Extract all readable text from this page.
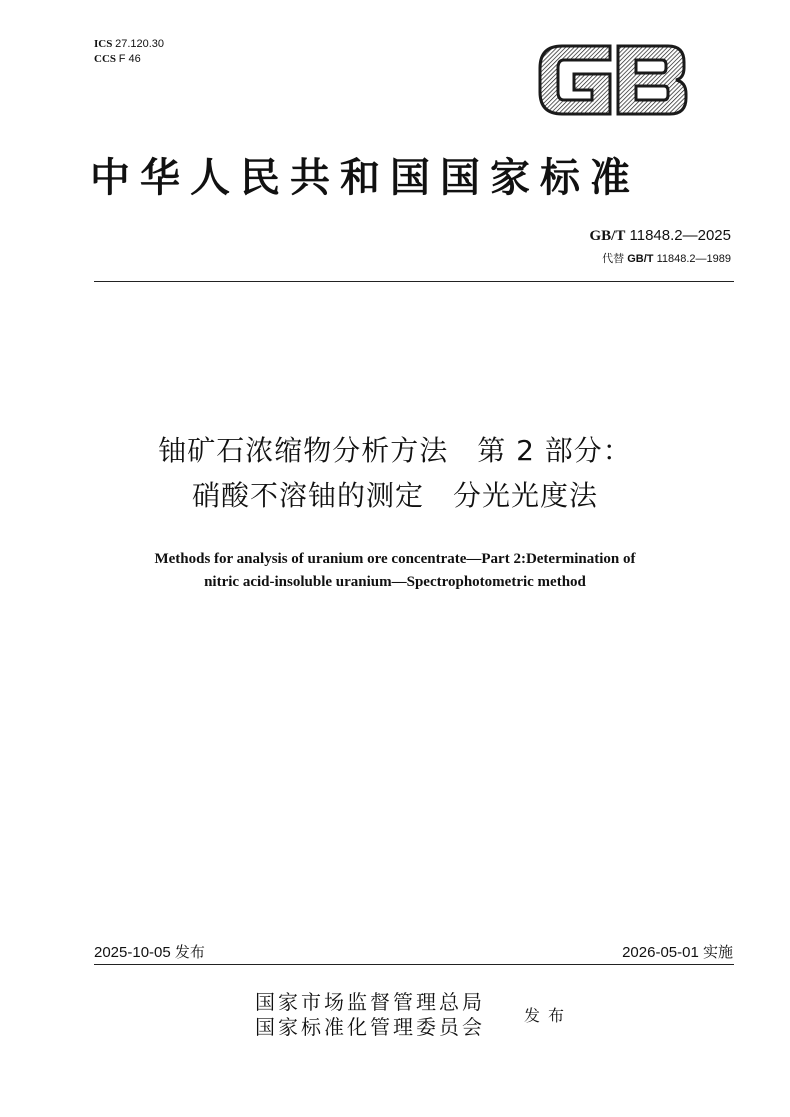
ICS 27.120.30
CCS F 46
中华人民共和国国家标准
GB/T 11848.2—2025
代替 GB/T 11848.2—1989
铀矿石浓缩物分析方法　第 2 部分：
硝酸不溶铀的测定　分光光度法
Methods for analysis of uranium ore concentrate—Part 2:Determination of
nitric acid-insoluble uranium—Spectrophotometric method
2025-10-05 发布	2026-05-01 实施
国家市场监督管理总局
国家标准化管理委员会 发布
